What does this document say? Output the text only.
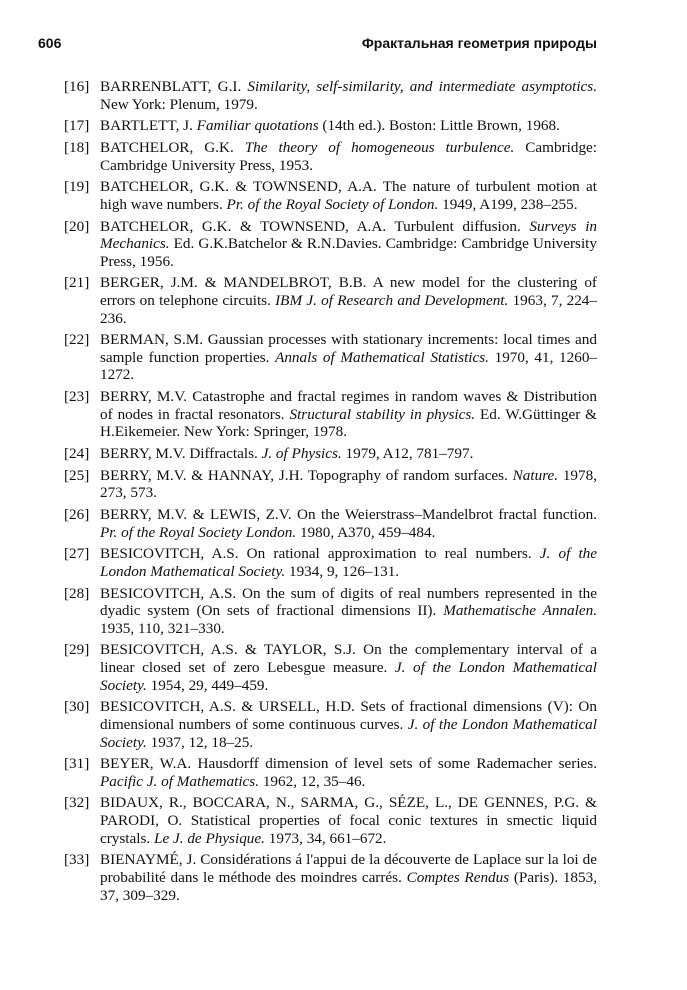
606	Фрактальная геометрия природы
[16] BARRENBLATT, G.I. Similarity, self-similarity, and intermediate asymptotics. New York: Plenum, 1979.
[17] BARTLETT, J. Familiar quotations (14th ed.). Boston: Little Brown, 1968.
[18] BATCHELOR, G.K. The theory of homogeneous turbulence. Cambridge: Cambridge University Press, 1953.
[19] BATCHELOR, G.K. & TOWNSEND, A.A. The nature of turbulent motion at high wave numbers. Pr. of the Royal Society of London. 1949, A199, 238–255.
[20] BATCHELOR, G.K. & TOWNSEND, A.A. Turbulent diffusion. Surveys in Mechanics. Ed. G.K.Batchelor & R.N.Davies. Cambridge: Cambridge University Press, 1956.
[21] BERGER, J.M. & MANDELBROT, B.B. A new model for the clustering of errors on telephone circuits. IBM J. of Research and Development. 1963, 7, 224–236.
[22] BERMAN, S.M. Gaussian processes with stationary increments: local times and sample function properties. Annals of Mathematical Statistics. 1970, 41, 1260–1272.
[23] BERRY, M.V. Catastrophe and fractal regimes in random waves & Distribution of nodes in fractal resonators. Structural stability in physics. Ed. W.Güttinger & H.Eikemeier. New York: Springer, 1978.
[24] BERRY, M.V. Diffractals. J. of Physics. 1979, A12, 781–797.
[25] BERRY, M.V. & HANNAY, J.H. Topography of random surfaces. Nature. 1978, 273, 573.
[26] BERRY, M.V. & LEWIS, Z.V. On the Weierstrass–Mandelbrot fractal function. Pr. of the Royal Society London. 1980, A370, 459–484.
[27] BESICOVITCH, A.S. On rational approximation to real numbers. J. of the London Mathematical Society. 1934, 9, 126–131.
[28] BESICOVITCH, A.S. On the sum of digits of real numbers represented in the dyadic system (On sets of fractional dimensions II). Mathematische Annalen. 1935, 110, 321–330.
[29] BESICOVITCH, A.S. & TAYLOR, S.J. On the complementary interval of a linear closed set of zero Lebesgue measure. J. of the London Mathematical Society. 1954, 29, 449–459.
[30] BESICOVITCH, A.S. & URSELL, H.D. Sets of fractional dimensions (V): On dimensional numbers of some continuous curves. J. of the London Mathematical Society. 1937, 12, 18–25.
[31] BEYER, W.A. Hausdorff dimension of level sets of some Rademacher series. Pacific J. of Mathematics. 1962, 12, 35–46.
[32] BIDAUX, R., BOCCARA, N., SARMA, G., SÉZE, L., DE GENNES, P.G. & PARODI, O. Statistical properties of focal conic textures in smectic liquid crystals. Le J. de Physique. 1973, 34, 661–672.
[33] BIENAYMÉ, J. Considérations á l'appui de la découverte de Laplace sur la loi de probabilité dans le méthode des moindres carrés. Comptes Rendus (Paris). 1853, 37, 309–329.
